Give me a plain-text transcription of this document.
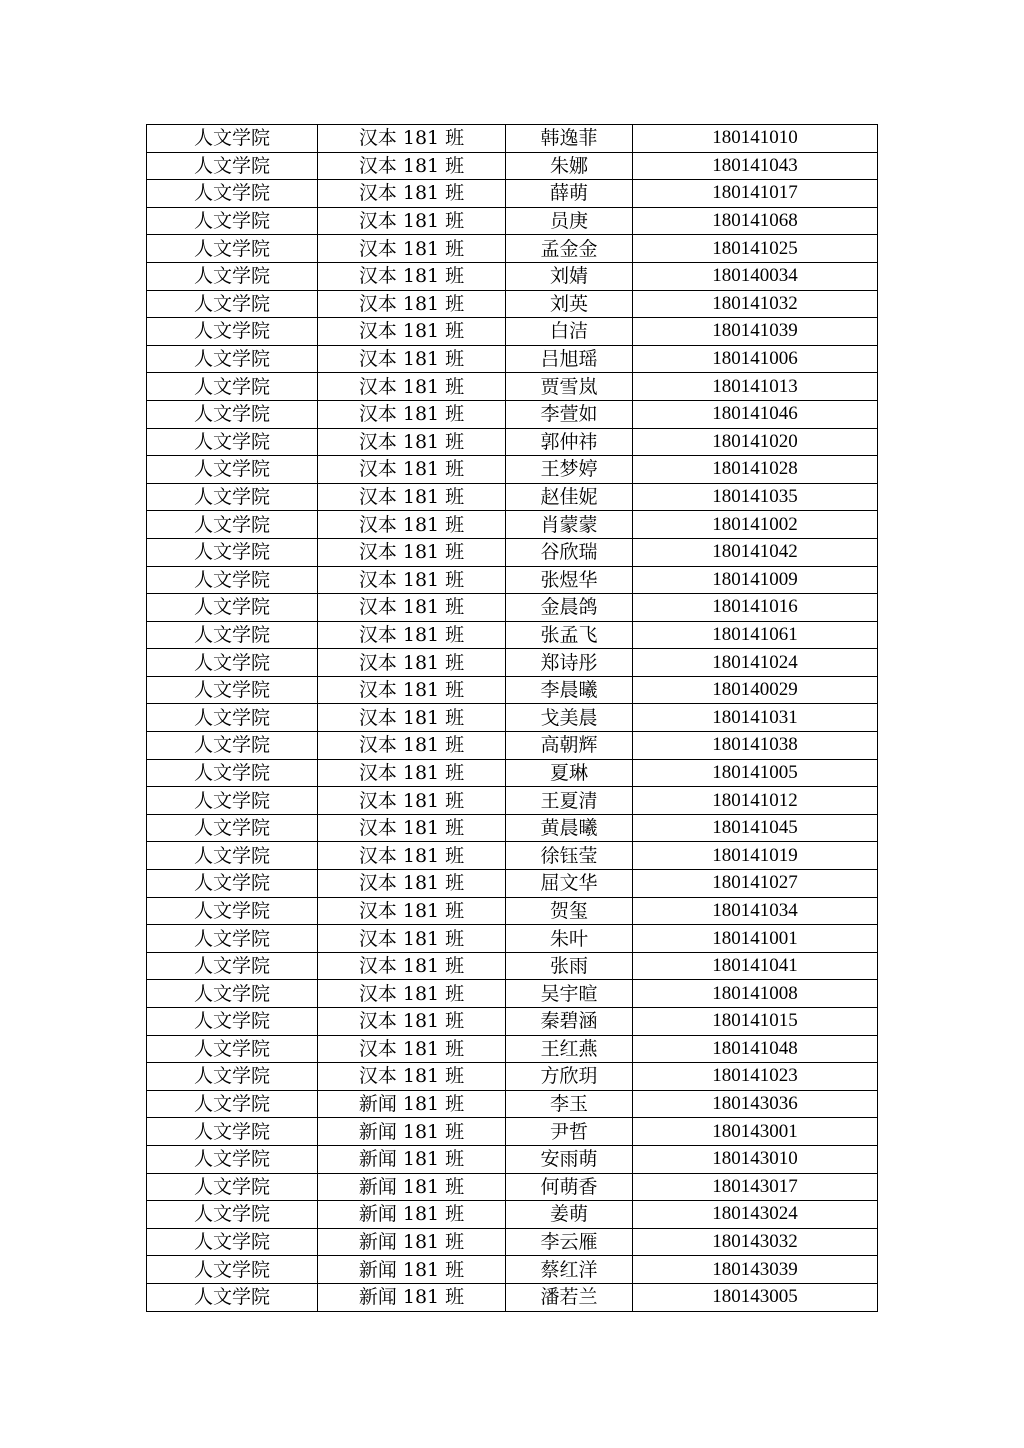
人文学院	汉本 181 班	韩逸菲	180141010
人文学院	汉本 181 班	朱娜	180141043
人文学院	汉本 181 班	薛萌	180141017
人文学院	汉本 181 班	员庚	180141068
人文学院	汉本 181 班	孟金金	180141025
人文学院	汉本 181 班	刘婧	180140034
人文学院	汉本 181 班	刘英	180141032
人文学院	汉本 181 班	白洁	180141039
人文学院	汉本 181 班	吕旭瑶	180141006
人文学院	汉本 181 班	贾雪岚	180141013
人文学院	汉本 181 班	李萱如	180141046
人文学院	汉本 181 班	郭仲祎	180141020
人文学院	汉本 181 班	王梦婷	180141028
人文学院	汉本 181 班	赵佳妮	180141035
人文学院	汉本 181 班	肖蒙蒙	180141002
人文学院	汉本 181 班	谷欣瑞	180141042
人文学院	汉本 181 班	张煜华	180141009
人文学院	汉本 181 班	金晨鸽	180141016
人文学院	汉本 181 班	张孟飞	180141061
人文学院	汉本 181 班	郑诗彤	180141024
人文学院	汉本 181 班	李晨曦	180140029
人文学院	汉本 181 班	戈美晨	180141031
人文学院	汉本 181 班	高朝辉	180141038
人文学院	汉本 181 班	夏琳	180141005
人文学院	汉本 181 班	王夏清	180141012
人文学院	汉本 181 班	黄晨曦	180141045
人文学院	汉本 181 班	徐钰莹	180141019
人文学院	汉本 181 班	屈文华	180141027
人文学院	汉本 181 班	贺玺	180141034
人文学院	汉本 181 班	朱叶	180141001
人文学院	汉本 181 班	张雨	180141041
人文学院	汉本 181 班	吴宇暄	180141008
人文学院	汉本 181 班	秦碧涵	180141015
人文学院	汉本 181 班	王红燕	180141048
人文学院	汉本 181 班	方欣玥	180141023
人文学院	新闻 181 班	李玉	180143036
人文学院	新闻 181 班	尹哲	180143001
人文学院	新闻 181 班	安雨萌	180143010
人文学院	新闻 181 班	何萌香	180143017
人文学院	新闻 181 班	姜萌	180143024
人文学院	新闻 181 班	李云雁	180143032
人文学院	新闻 181 班	蔡红洋	180143039
人文学院	新闻 181 班	潘若兰	180143005
